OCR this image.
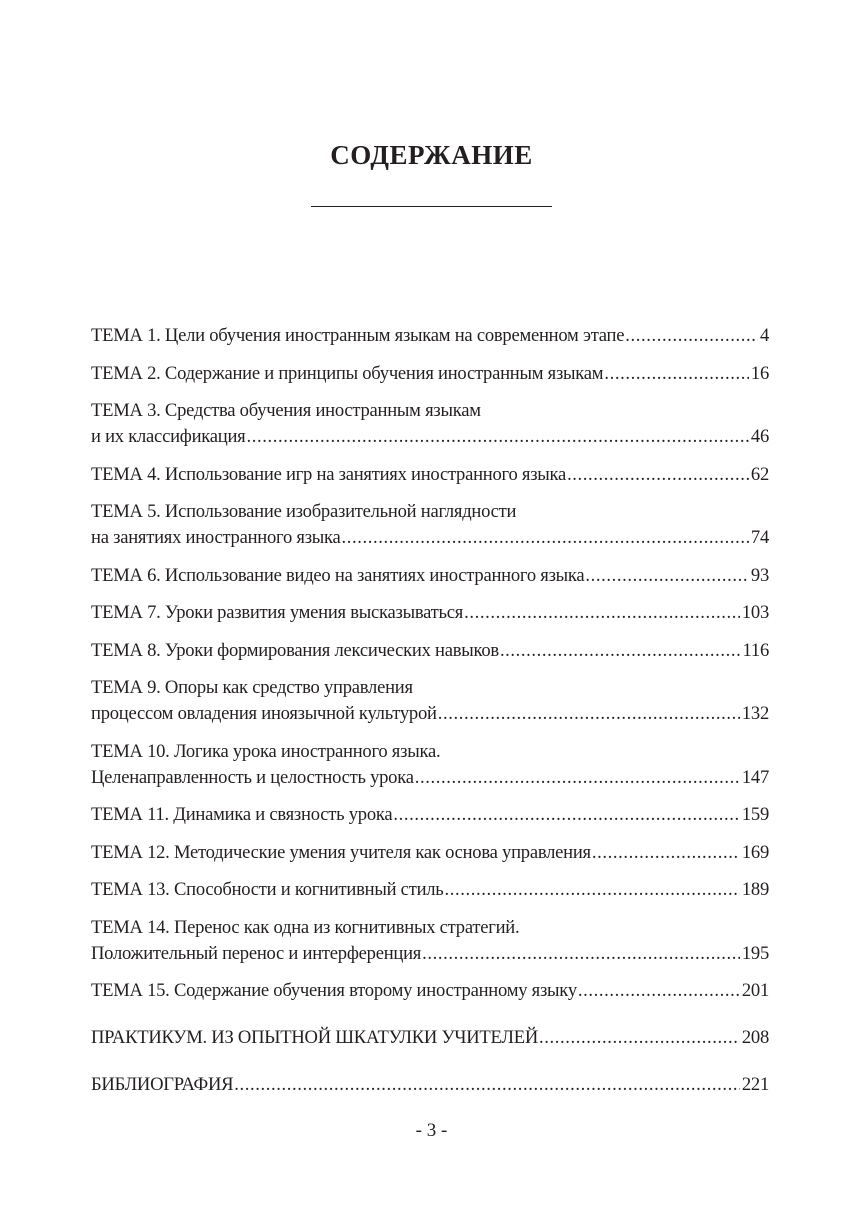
СОДЕРЖАНИЕ
ТЕМА 1. Цели обучения иностранным языкам на современном этапе .....	4
ТЕМА 2. Содержание и принципы обучения иностранным языкам .....	16
ТЕМА 3. Средства обучения иностранным языкам
и их классификация .....	46
ТЕМА 4. Использование игр на занятиях иностранного языка .....	62
ТЕМА 5. Использование изобразительной наглядности
на занятиях иностранного языка .....	74
ТЕМА 6. Использование видео на занятиях иностранного языка .....	93
ТЕМА 7. Уроки развития умения высказываться .....	103
ТЕМА 8. Уроки формирования лексических навыков .....	116
ТЕМА 9. Опоры как средство управления
процессом овладения иноязычной культурой .....	132
ТЕМА 10. Логика урока иностранного языка.
Целенаправленность и целостность урока .....	147
ТЕМА 11. Динамика и связность урока .....	159
ТЕМА 12. Методические умения учителя как основа управления .....	169
ТЕМА 13. Способности и когнитивный стиль .....	189
ТЕМА 14. Перенос как одна из когнитивных стратегий.
Положительный перенос и интерференция .....	195
ТЕМА 15. Содержание обучения второму иностранному языку .....	201
ПРАКТИКУМ. ИЗ ОПЫТНОЙ ШКАТУЛКИ УЧИТЕЛЕЙ .....	208
БИБЛИОГРАФИЯ .....	221
- 3 -
